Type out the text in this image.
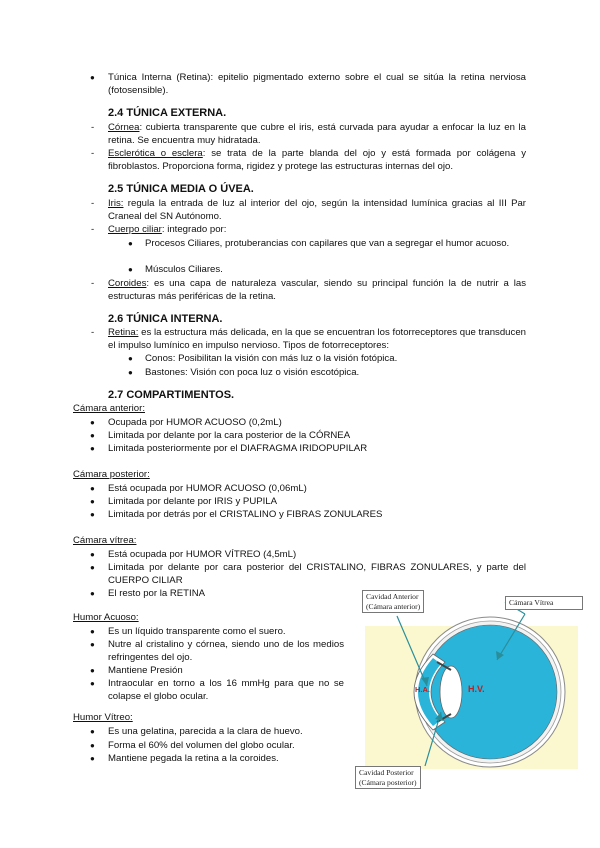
● Túnica Interna (Retina): epitelio pigmentado externo sobre el cual se sitúa la retina nerviosa (fotosensible).
2.4 TÚNICA EXTERNA.
- Córnea: cubierta transparente que cubre el iris, está curvada para ayudar a enfocar la luz en la retina. Se encuentra muy hidratada.
- Esclerótica o esclera: se trata de la parte blanda del ojo y está formada por colágena y fibroblastos. Proporciona forma, rigidez y protege las estructuras internas del ojo.
2.5 TÚNICA MEDIA O ÚVEA.
- Iris: regula la entrada de luz al interior del ojo, según la intensidad lumínica gracias al III Par Craneal del SN Autónomo.
- Cuerpo ciliar: integrado por:
● Procesos Ciliares, protuberancias con capilares que van a segregar el humor acuoso.
● Músculos Ciliares.
- Coroides: es una capa de naturaleza vascular, siendo su principal función la de nutrir a las estructuras más periféricas de la retina.
2.6 TÚNICA INTERNA.
- Retina: es la estructura más delicada, en la que se encuentran los fotorreceptores que transducen el impulso lumínico en impulso nervioso. Tipos de fotorreceptores:
● Conos: Posibilitan la visión con más luz o la visión fotópica.
● Bastones: Visión con poca luz o visión escotópica.
2.7 COMPARTIMENTOS.
Cámara anterior:
● Ocupada por HUMOR ACUOSO (0,2mL)
● Limitada por delante por la cara posterior de la CÓRNEA
● Limitada posteriormente por el DIAFRAGMA IRIDOPUPILAR
Cámara posterior:
● Está ocupada por HUMOR ACUOSO (0,06mL)
● Limitada por delante por IRIS y PUPILA
● Limitada por detrás por el CRISTALINO y FIBRAS ZONULARES
Cámara vítrea:
● Está ocupada por HUMOR VÍTREO (4,5mL)
● Limitada por delante por cara posterior del CRISTALINO, FIBRAS ZONULARES, y parte del CUERPO CILIAR
● El resto por la RETINA
Humor Acuoso:
● Es un líquido transparente como el suero.
● Nutre al cristalino y córnea, siendo uno de los medios refringentes del ojo.
● Mantiene Presión
● Intraocular en torno a los 16 mmHg para que no se colapse el globo ocular.
Humor Vítreo:
● Es una gelatina, parecida a la clara de huevo.
● Forma el 60% del volumen del globo ocular.
● Mantiene pegada la retina a la coroides.
H.A.	H.V.
Cavidad Anterior
(Cámara anterior)	Cámara Vítrea
Cavidad Posterior
(Cámara posterior)
